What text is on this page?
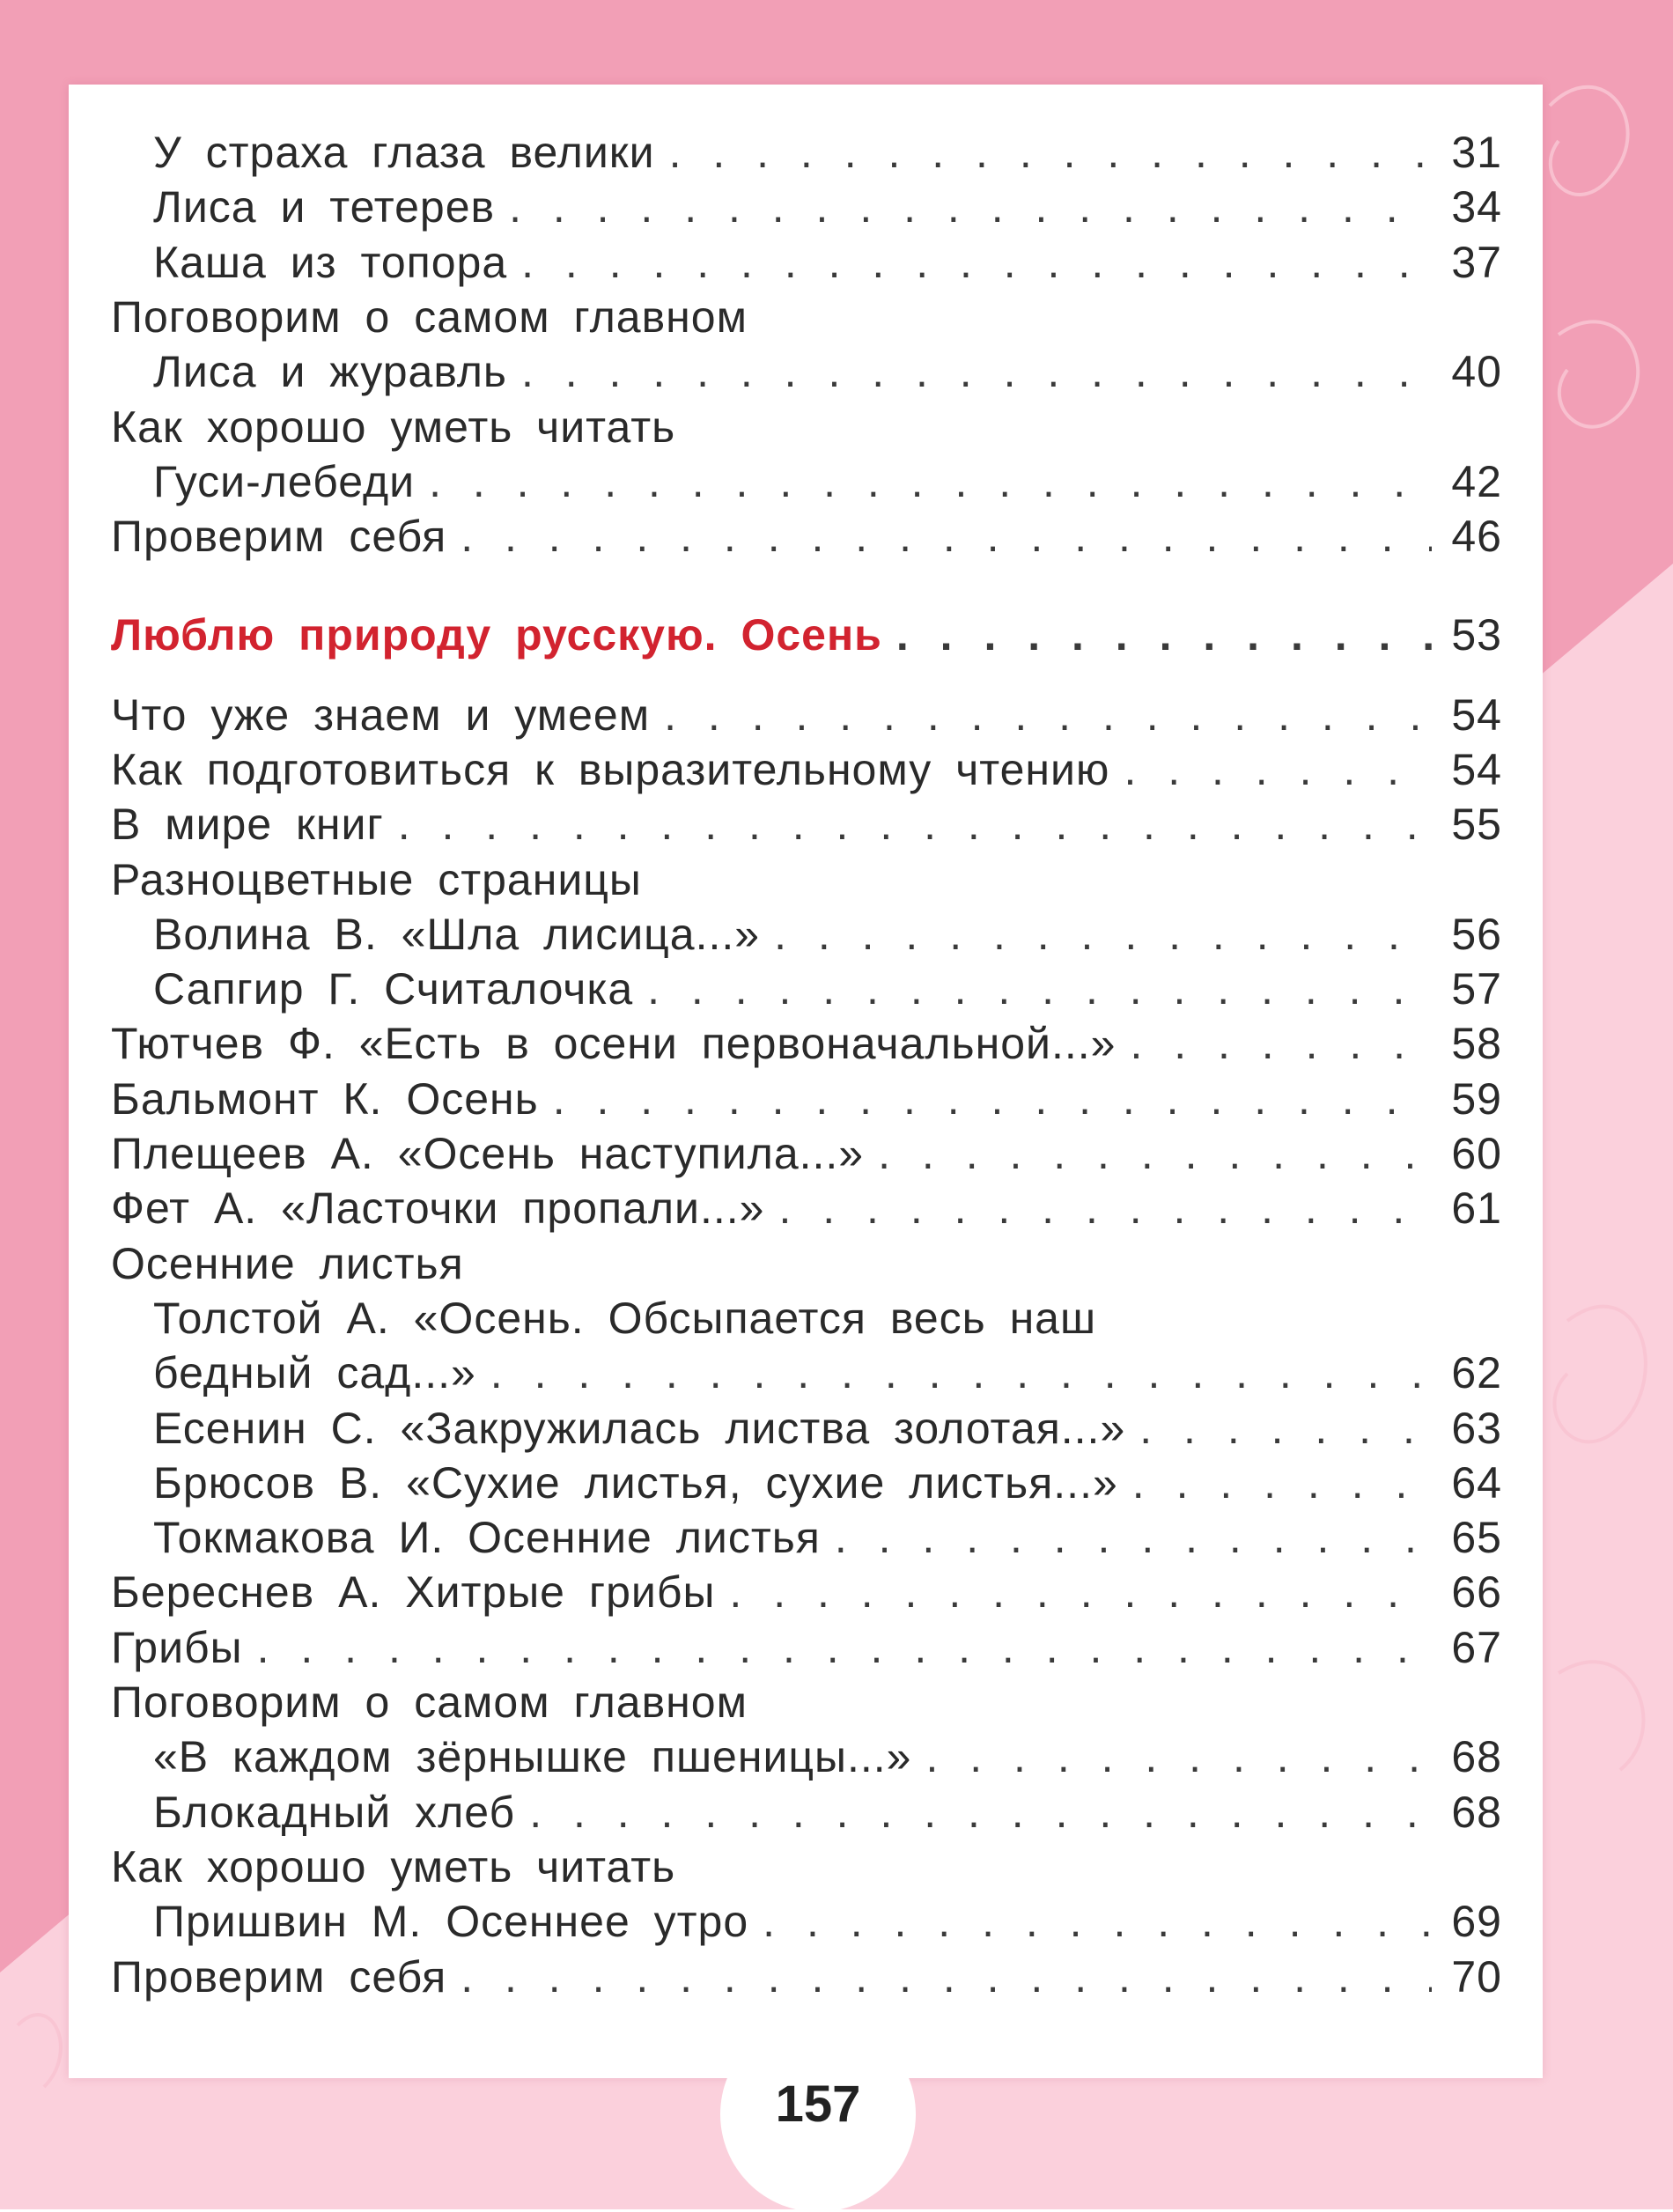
У страха глаза велики . . .	31
Лиса и тетерев . . .	34
Каша из топора . . .	37
Поговорим о самом главном
Лиса и журавль . . .	40
Как хорошо уметь читать
Гуси-лебеди . . .	42
Проверим себя . . .	46
Люблю природу русскую. Осень . . .	53
Что уже знаем и умеем . . .	54
Как подготовиться к выразительному чтению . . .	54
В мире книг . . .	55
Разноцветные страницы
Волина В. «Шла лисица...» . . .	56
Сапгир Г. Считалочка . . .	57
Тютчев Ф. «Есть в осени первоначальной...» . . .	58
Бальмонт К. Осень . . .	59
Плещеев А. «Осень наступила...» . . .	60
Фет А. «Ласточки пропали...» . . .	61
Осенние листья
Толстой А. «Осень. Обсыпается весь наш
бедный сад...» . . .	62
Есенин С. «Закружилась листва золотая...» . . .	63
Брюсов В. «Сухие листья, сухие листья...» . . .	64
Токмакова И. Осенние листья . . .	65
Береснев А. Хитрые грибы . . .	66
Грибы . . .	67
Поговорим о самом главном
«В каждом зёрнышке пшеницы...» . . .	68
Блокадный хлеб . . .	68
Как хорошо уметь читать
Пришвин М. Осеннее утро . . .	69
Проверим себя . . .	70
157
